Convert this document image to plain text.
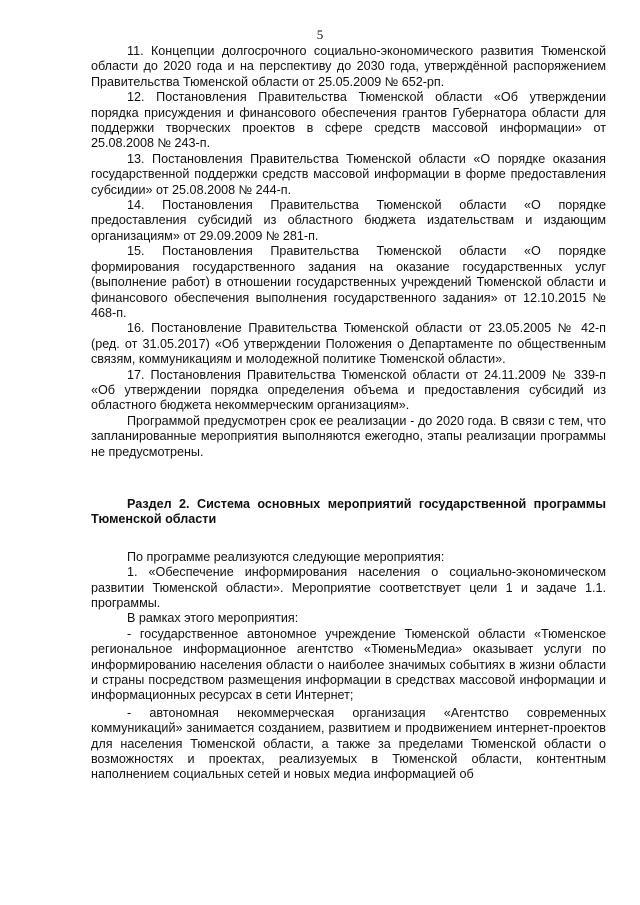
5

11. Концепции долгосрочного социально-экономического развития Тюменской области до 2020 года и на перспективу до 2030 года, утверждённой распоряжением Правительства Тюменской области от 25.05.2009 № 652-рп.

12. Постановления Правительства Тюменской области «Об утверждении порядка присуждения и финансового обеспечения грантов Губернатора области для поддержки творческих проектов в сфере средств массовой информации» от 25.08.2008 № 243-п.

13. Постановления Правительства Тюменской области «О порядке оказания государственной поддержки средств массовой информации в форме предоставления субсидии» от 25.08.2008 № 244-п.

14. Постановления Правительства Тюменской области «О порядке предоставления субсидий из областного бюджета издательствам и издающим организациям» от 29.09.2009 № 281-п.

15. Постановления Правительства Тюменской области «О порядке формирования государственного задания на оказание государственных услуг (выполнение работ) в отношении государственных учреждений Тюменской области и финансового обеспечения выполнения государственного задания» от 12.10.2015 № 468-п.

16. Постановление Правительства Тюменской области от 23.05.2005 № 42-п (ред. от 31.05.2017) «Об утверждении Положения о Департаменте по общественным связям, коммуникациям и молодежной политике Тюменской области».

17. Постановления Правительства Тюменской области от 24.11.2009 № 339-п «Об утверждении порядка определения объема и предоставления субсидий из областного бюджета некоммерческим организациям».

Программой предусмотрен срок ее реализации - до 2020 года. В связи с тем, что запланированные мероприятия выполняются ежегодно, этапы реализации программы не предусмотрены.

Раздел 2. Система основных мероприятий государственной программы Тюменской области

По программе реализуются следующие мероприятия:

1. «Обеспечение информирования населения о социально-экономическом развитии Тюменской области». Мероприятие соответствует цели 1 и задаче 1.1. программы.

В рамках этого мероприятия:

- государственное автономное учреждение Тюменской области «Тюменское региональное информационное агентство «ТюменьМедиа» оказывает услуги по информированию населения области о наиболее значимых событиях в жизни области и страны посредством размещения информации в средствах массовой информации и информационных ресурсах в сети Интернет;

- автономная некоммерческая организация «Агентство современных коммуникаций» занимается созданием, развитием и продвижением интернет-проектов для населения Тюменской области, а также за пределами Тюменской области о возможностях и проектах, реализуемых в Тюменской области, контентным наполнением социальных сетей и новых медиа информацией об
